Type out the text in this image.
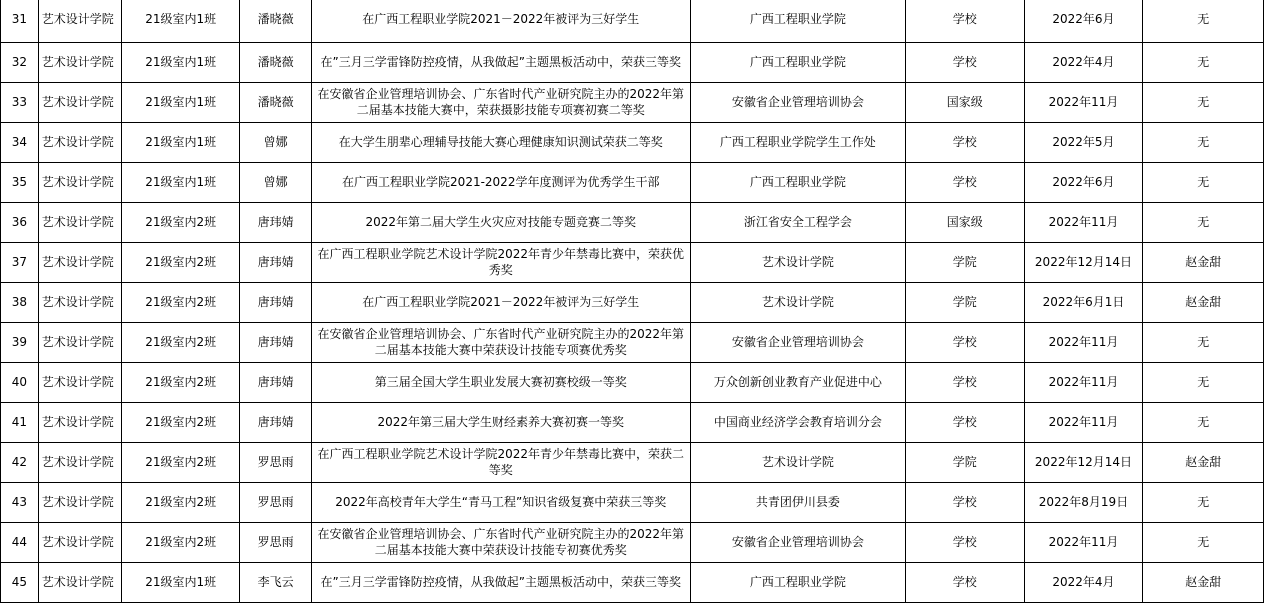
31	艺术设计学院	21级室内1班	潘晓薇	在广西工程职业学院2021－2022年被评为三好学生	广西工程职业学院	学校	2022年6月	无

32	艺术设计学院	21级室内1班	潘晓薇	在”三月三学雷锋防控疫情，从我做起”主题黑板活动中，荣获三等奖	广西工程职业学院	学校	2022年4月	无

33	艺术设计学院	21级室内1班	潘晓薇	在安徽省企业管理培训协会、广东省时代产业研究院主办的2022年第二届基本技能大赛中，荣获摄影技能专项赛初赛二等奖	安徽省企业管理培训协会	国家级	2022年11月	无

34	艺术设计学院	21级室内1班	曾娜	在大学生朋辈心理辅导技能大赛心理健康知识测试荣获二等奖	广西工程职业学院学生工作处	学校	2022年5月	无

35	艺术设计学院	21级室内1班	曾娜	在广西工程职业学院2021-2022学年度测评为优秀学生干部	广西工程职业学院	学校	2022年6月	无

36	艺术设计学院	21级室内2班	唐玮婧	2022年第二届大学生火灾应对技能专题竞赛二等奖	浙江省安全工程学会	国家级	2022年11月	无

37	艺术设计学院	21级室内2班	唐玮婧	在广西工程职业学院艺术设计学院2022年青少年禁毒比赛中，荣获优秀奖	艺术设计学院	学院	2022年12月14日	赵金甜

38	艺术设计学院	21级室内2班	唐玮婧	在广西工程职业学院2021－2022年被评为三好学生	艺术设计学院	学院	2022年6月1日	赵金甜

39	艺术设计学院	21级室内2班	唐玮婧	在安徽省企业管理培训协会、广东省时代产业研究院主办的2022年第二届基本技能大赛中荣获设计技能专项赛优秀奖	安徽省企业管理培训协会	学校	2022年11月	无

40	艺术设计学院	21级室内2班	唐玮婧	第三届全国大学生职业发展大赛初赛校级一等奖	万众创新创业教育产业促进中心	学校	2022年11月	无

41	艺术设计学院	21级室内2班	唐玮婧	2022年第三届大学生财经素养大赛初赛一等奖	中国商业经济学会教育培训分会	学校	2022年11月	无

42	艺术设计学院	21级室内2班	罗思雨	在广西工程职业学院艺术设计学院2022年青少年禁毒比赛中，荣获二等奖	艺术设计学院	学院	2022年12月14日	赵金甜

43	艺术设计学院	21级室内2班	罗思雨	2022年高校青年大学生“青马工程”知识省级复赛中荣获三等奖	共青团伊川县委	学校	2022年8月19日	无

44	艺术设计学院	21级室内2班	罗思雨	在安徽省企业管理培训协会、广东省时代产业研究院主办的2022年第二届基本技能大赛中荣获设计技能专初赛优秀奖	安徽省企业管理培训协会	学校	2022年11月	无

45	艺术设计学院	21级室内1班	李飞云	在”三月三学雷锋防控疫情，从我做起”主题黑板活动中，荣获三等奖	广西工程职业学院	学校	2022年4月	赵金甜
